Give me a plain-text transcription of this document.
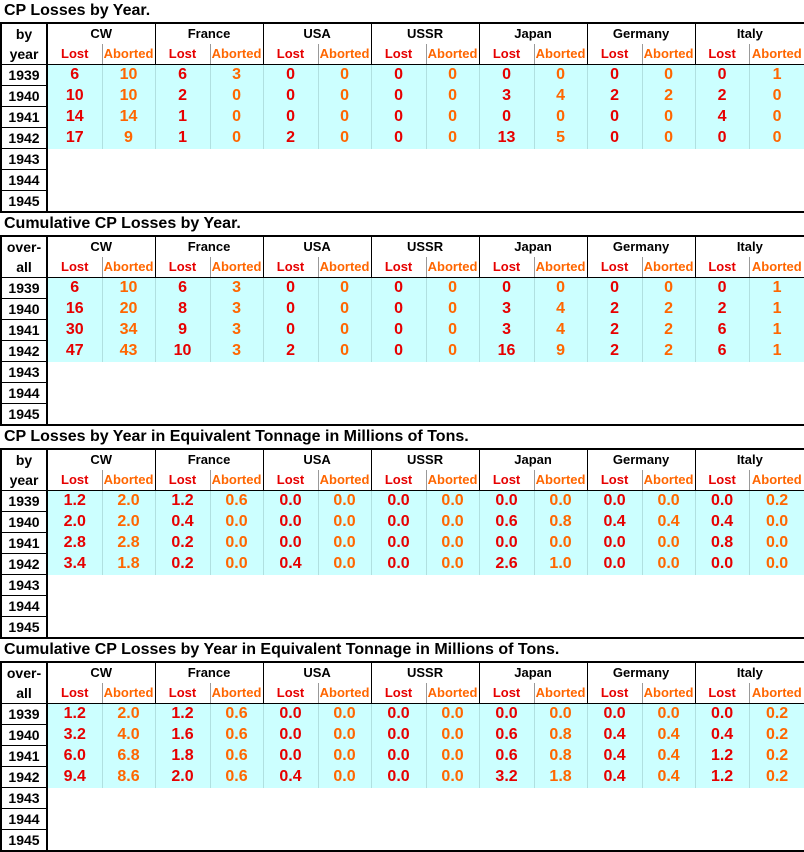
CP Losses by Year.
by	CW		France		USA		USSR		Japan		Germany		Italy	
year	Lost	Aborted	Lost	Aborted	Lost	Aborted	Lost	Aborted	Lost	Aborted	Lost	Aborted	Lost	Aborted
1939	6	10	6	3	0	0	0	0	0	0	0	0	0	1
1940	10	10	2	0	0	0	0	0	3	4	2	2	2	0
1941	14	14	1	0	0	0	0	0	0	0	0	0	4	0
1942	17	9	1	0	2	0	0	0	13	5	0	0	0	0
1943														
1944														
1945														
Cumulative CP Losses by Year.
over-	CW		France		USA		USSR		Japan		Germany		Italy	
all	Lost	Aborted	Lost	Aborted	Lost	Aborted	Lost	Aborted	Lost	Aborted	Lost	Aborted	Lost	Aborted
1939	6	10	6	3	0	0	0	0	0	0	0	0	0	1
1940	16	20	8	3	0	0	0	0	3	4	2	2	2	1
1941	30	34	9	3	0	0	0	0	3	4	2	2	6	1
1942	47	43	10	3	2	0	0	0	16	9	2	2	6	1
1943														
1944														
1945														
CP Losses by Year in Equivalent Tonnage in Millions of Tons.
by	CW		France		USA		USSR		Japan		Germany		Italy	
year	Lost	Aborted	Lost	Aborted	Lost	Aborted	Lost	Aborted	Lost	Aborted	Lost	Aborted	Lost	Aborted
1939	1.2	2.0	1.2	0.6	0.0	0.0	0.0	0.0	0.0	0.0	0.0	0.0	0.0	0.2
1940	2.0	2.0	0.4	0.0	0.0	0.0	0.0	0.0	0.6	0.8	0.4	0.4	0.4	0.0
1941	2.8	2.8	0.2	0.0	0.0	0.0	0.0	0.0	0.0	0.0	0.0	0.0	0.8	0.0
1942	3.4	1.8	0.2	0.0	0.4	0.0	0.0	0.0	2.6	1.0	0.0	0.0	0.0	0.0
1943														
1944														
1945														
Cumulative CP Losses by Year in Equivalent Tonnage in Millions of Tons.
over-	CW		France		USA		USSR		Japan		Germany		Italy	
all	Lost	Aborted	Lost	Aborted	Lost	Aborted	Lost	Aborted	Lost	Aborted	Lost	Aborted	Lost	Aborted
1939	1.2	2.0	1.2	0.6	0.0	0.0	0.0	0.0	0.0	0.0	0.0	0.0	0.0	0.2
1940	3.2	4.0	1.6	0.6	0.0	0.0	0.0	0.0	0.6	0.8	0.4	0.4	0.4	0.2
1941	6.0	6.8	1.8	0.6	0.0	0.0	0.0	0.0	0.6	0.8	0.4	0.4	1.2	0.2
1942	9.4	8.6	2.0	0.6	0.4	0.0	0.0	0.0	3.2	1.8	0.4	0.4	1.2	0.2
1943														
1944														
1945														
